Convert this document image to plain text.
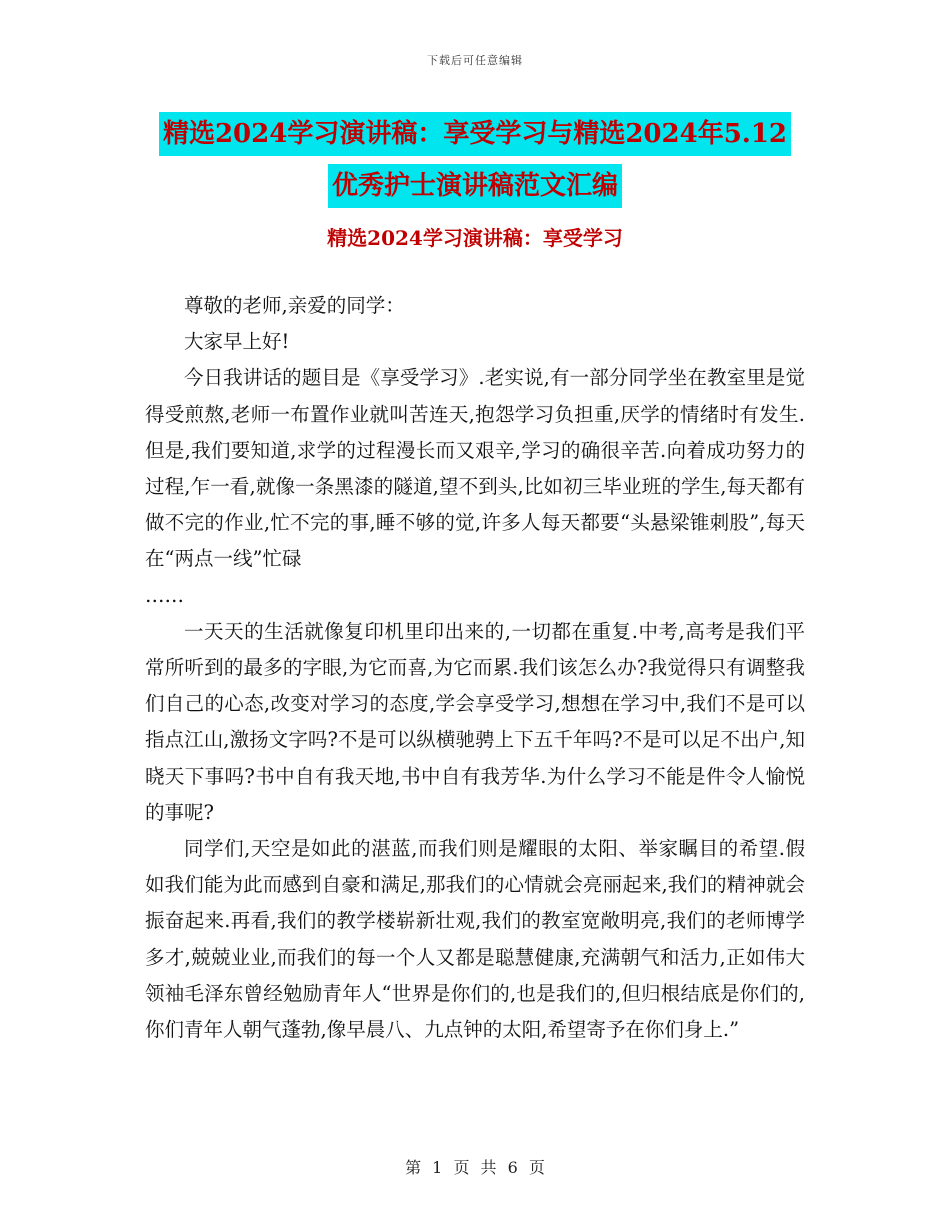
下载后可任意编辑
精选2024学习演讲稿：享受学习与精选2024年5.12
优秀护士演讲稿范文汇编
精选2024学习演讲稿：享受学习

尊敬的老师,亲爱的同学：

大家早上好!

今日我讲话的题目是《享受学习》.老实说,有一部分同学坐在教室里是觉得受煎熬,老师一布置作业就叫苦连天,抱怨学习负担重,厌学的情绪时有发生.但是,我们要知道,求学的过程漫长而又艰辛,学习的确很辛苦.向着成功努力的过程,乍一看,就像一条黑漆的隧道,望不到头,比如初三毕业班的学生,每天都有做不完的作业,忙不完的事,睡不够的觉,许多人每天都要“头悬梁锥刺股”,每天在“两点一线”忙碌

……

一天天的生活就像复印机里印出来的,一切都在重复.中考,高考是我们平常所听到的最多的字眼,为它而喜,为它而累.我们该怎么办?我觉得只有调整我们自己的心态,改变对学习的态度,学会享受学习,想想在学习中,我们不是可以指点江山,激扬文字吗?不是可以纵横驰骋上下五千年吗?不是可以足不出户,知晓天下事吗?书中自有我天地,书中自有我芳华.为什么学习不能是件令人愉悦的事呢?

同学们,天空是如此的湛蓝,而我们则是耀眼的太阳、举家瞩目的希望.假如我们能为此而感到自豪和满足,那我们的心情就会亮丽起来,我们的精神就会振奋起来.再看,我们的教学楼崭新壮观,我们的教室宽敞明亮,我们的老师博学多才,兢兢业业,而我们的每一个人又都是聪慧健康,充满朝气和活力,正如伟大领袖毛泽东曾经勉励青年人“世界是你们的,也是我们的,但归根结底是你们的,你们青年人朝气蓬勃,像早晨八、九点钟的太阳,希望寄予在你们身上.”

第 1 页 共 6 页
